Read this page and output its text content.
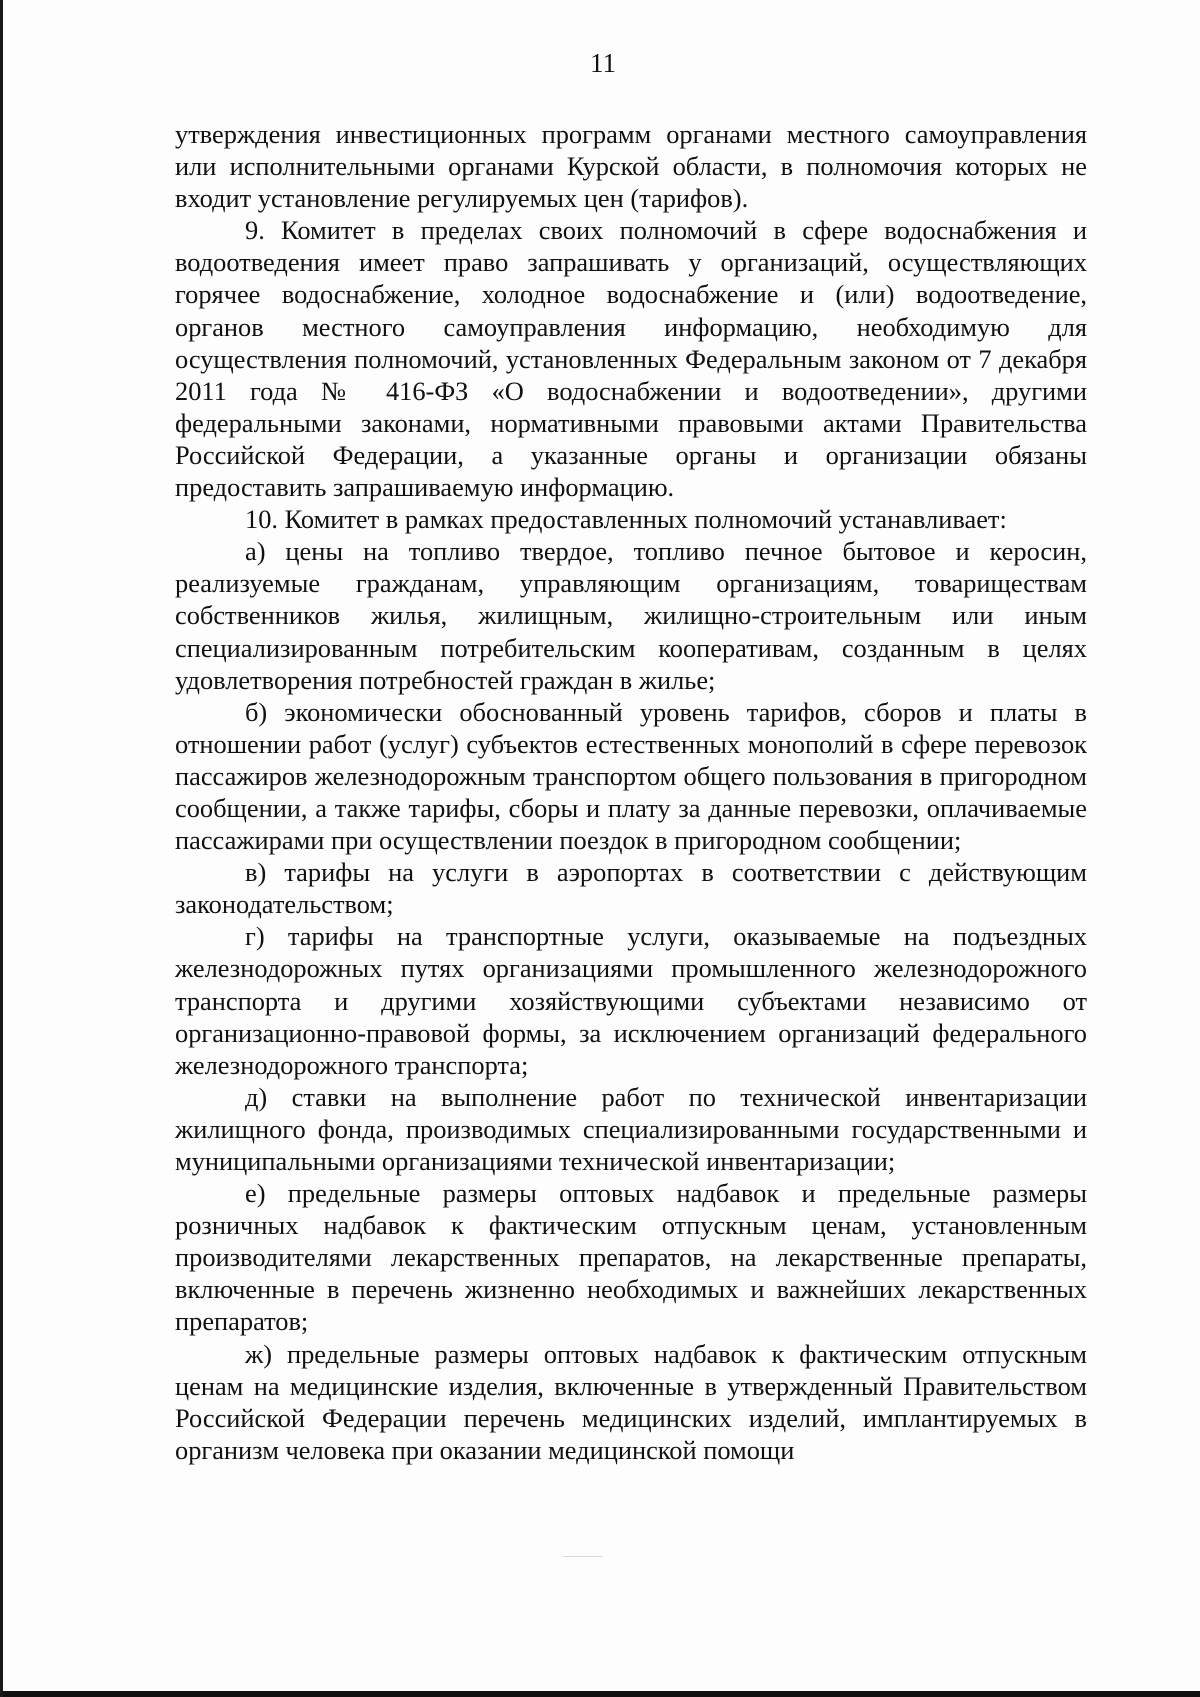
11

утверждения инвестиционных программ органами местного самоуправления или исполнительными органами Курской области, в полномочия которых не входит установление регулируемых цен (тарифов).

9. Комитет в пределах своих полномочий в сфере водоснабжения и водоотведения имеет право запрашивать у организаций, осуществляющих горячее водоснабжение, холодное водоснабжение и (или) водоотведение, органов местного самоуправления информацию, необходимую для осуществления полномочий, установленных Федеральным законом от 7 декабря 2011 года № 416-ФЗ «О водоснабжении и водоотведении», другими федеральными законами, нормативными правовыми актами Правительства Российской Федерации, а указанные органы и организации обязаны предоставить запрашиваемую информацию.

10. Комитет в рамках предоставленных полномочий устанавливает:

а) цены на топливо твердое, топливо печное бытовое и керосин, реализуемые гражданам, управляющим организациям, товариществам собственников жилья, жилищным, жилищно-строительным или иным специализированным потребительским кооперативам, созданным в целях удовлетворения потребностей граждан в жилье;

б) экономически обоснованный уровень тарифов, сборов и платы в отношении работ (услуг) субъектов естественных монополий в сфере перевозок пассажиров железнодорожным транспортом общего пользования в пригородном сообщении, а также тарифы, сборы и плату за данные перевозки, оплачиваемые пассажирами при осуществлении поездок в пригородном сообщении;

в) тарифы на услуги в аэропортах в соответствии с действующим законодательством;

г) тарифы на транспортные услуги, оказываемые на подъездных железнодорожных путях организациями промышленного железнодорожного транспорта и другими хозяйствующими субъектами независимо от организационно-правовой формы, за исключением организаций федерального железнодорожного транспорта;

д) ставки на выполнение работ по технической инвентаризации жилищного фонда, производимых специализированными государственными и муниципальными организациями технической инвентаризации;

е) предельные размеры оптовых надбавок и предельные размеры розничных надбавок к фактическим отпускным ценам, установленным производителями лекарственных препаратов, на лекарственные препараты, включенные в перечень жизненно необходимых и важнейших лекарственных препаратов;

ж) предельные размеры оптовых надбавок к фактическим отпускным ценам на медицинские изделия, включенные в утвержденный Правительством Российской Федерации перечень медицинских изделий, имплантируемых в организм человека при оказании медицинской помощи
